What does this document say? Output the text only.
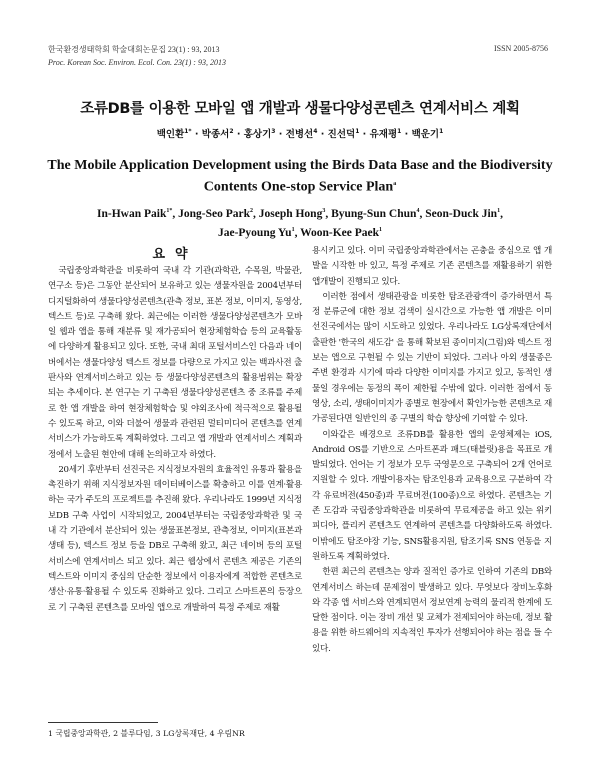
한국환경생태학회 학술대회논문집 23(1) : 93, 2013
Proc. Korean Soc. Environ. Ecol. Con. 23(1) : 93, 2013
ISSN 2005-8756
조류DB를 이용한 모바일 앱 개발과 생물다양성콘텐츠 연계서비스 계획
백인환$^{1*}$ · 박종서$^2$ · 홍상기$^3$ · 전병선$^4$ · 진선덕$^1$ · 유재평$^1$ · 백운기$^1$
The Mobile Application Development using the Birds Data Base and the Biodiversity Contents One-stop Service Plan$^a$
In-Hwan Paik$^{1*}$, Jong-Seo Park$^2$, Joseph Hong$^3$, Byung-Sun Chun$^4$, Seon-Duck Jin$^1$,
Jae-Pyoung Yu$^1$, Woon-Kee Paek$^1$
요약

국립중앙과학관을 비롯하여 국내 각 기관(과학관, 수목원, 박물관, 연구소 등)은 그동안 분산되어 보유하고 있는 생물자원을 2004년부터 디지털화하여 생물다양성콘텐츠(관측 정보, 표본 정보, 이미지, 동영상, 텍스트 등)로 구축해 왔다. 최근에는 이러한 생물다양성콘텐츠가 모바일 웹과 앱을 통해 재분류 및 재가공되어 현장체험학습 등의 교육활동에 다양하게 활용되고 있다. 또한, 국내 최대 포털서비스인 다음과 네이버에서는 생물다양성 텍스트 정보를 다량으로 가지고 있는 백과사전 출판사와 연계서비스하고 있는 등 생물다양성콘텐츠의 활용범위는 확장되는 추세이다. 본 연구는 기 구축된 생물다양성콘텐츠 중 조류를 주제로 한 앱 개발을 하여 현장체험학습 및 야외조사에 적극적으로 활용될 수 있도록 하고, 이와 더불어 생물과 관련된 멀티미디어 콘텐츠를 연계서비스가 가능하도록 계획하였다. 그리고 앱 개발과 연계서비스 계획과정에서 노출된 현안에 대해 논의하고자 하였다.

20세기 후반부터 선진국은 지식정보자원의 효율적인 유통과 활용을 촉진하기 위해 지식정보자원 데이터베이스를 확충하고 이를 연계·활용하는 국가 주도의 프로젝트를 추진해 왔다. 우리나라도 1999년 지식정보DB 구축 사업이 시작되었고, 2004년부터는 국립중앙과학관 및 국내 각 기관에서 분산되어 있는 생물표본정보, 관측정보, 이미지(표본과 생태 등), 텍스트 정보 등을 DB로 구축해 왔고, 최근 네이버 등의 포털서비스에 연계서비스 되고 있다. 최근 웹상에서 콘텐츠 제공은 기존의 텍스트와 이미지 중심의 단순한 정보에서 이용자에게 적합한 콘텐츠로 생산·유통·활용될 수 있도록 진화하고 있다. 그리고 스마트폰의 등장으로 기 구축된 콘텐츠를 모바일 앱으로 개발하여 특정 주제로 재활

용시키고 있다. 이미 국립중앙과학관에서는 곤충을 중심으로 앱 개발을 시작한 바 있고, 특정 주제로 기존 콘텐츠를 재활용하기 위한 앱개발이 진행되고 있다.

이러한 점에서 생태관광을 비롯한 탐조관광객이 증가하면서 특정 분류군에 대한 정보 검색이 실시간으로 가능한 앱 개발은 이미 선진국에서는 많이 시도하고 있었다. 우리나라도 LG상록재단에서 출판한 '한국의 새도감' 을 통해 확보된 종이미지(그림)와 텍스트 정보는 앱으로 구현될 수 있는 기반이 되었다. 그러나 아외 생물종은 주변 환경과 시기에 따라 다양한 이미지를 가지고 있고, 동적인 생물일 경우에는 동정의 폭이 제한될 수밖에 없다. 이러한 점에서 동영상, 소리, 생태이미지가 종별로 현장에서 확인가능한 콘텐츠로 재가공된다면 일반인의 종 구별의 학습 향상에 기여할 수 있다.

이와같은 배경으로 조류DB를 활용한 앱의 운영체제는 iOS, Android OS를 기반으로 스마트폰과 패드(태블릿)용을 목표로 개발되었다. 언어는 기 정보가 모두 국영문으로 구축되어 2개 언어로 지원할 수 있다. 개발이용자는 탐조인용과 교육용으로 구분하여 각각 유료버전(450종)과 무료버전(100종)으로 하였다. 콘텐츠는 기존 도감과 국립중앙과학관을 비롯하여 무료제공을 하고 있는 위키피디아, 플리커 콘텐츠도 연계하여 콘텐츠를 다양화하도록 하였다. 이밖에도 탐조야장 기능, SNS활용지원, 탐조기록 SNS 연동을 지원하도록 계획하였다.

한편 최근의 콘텐츠는 양과 질적인 증가로 인하여 기존의 DB와 연계서비스 하는데 문제점이 발생하고 있다. 무엇보다 장비노후화와 각종 앱 서비스와 연계되면서 정보연계 능력의 물리적 한계에 도달한 점이다. 이는 장비 개선 및 교체가 전제되어야 하는데, 정보 활용을 위한 하드웨어의 지속적인 투자가 선행되어야 하는 점을 들 수 있다.

1 국립중앙과학관, 2 블루다임, 3 LG상록재단, 4 우림NR
